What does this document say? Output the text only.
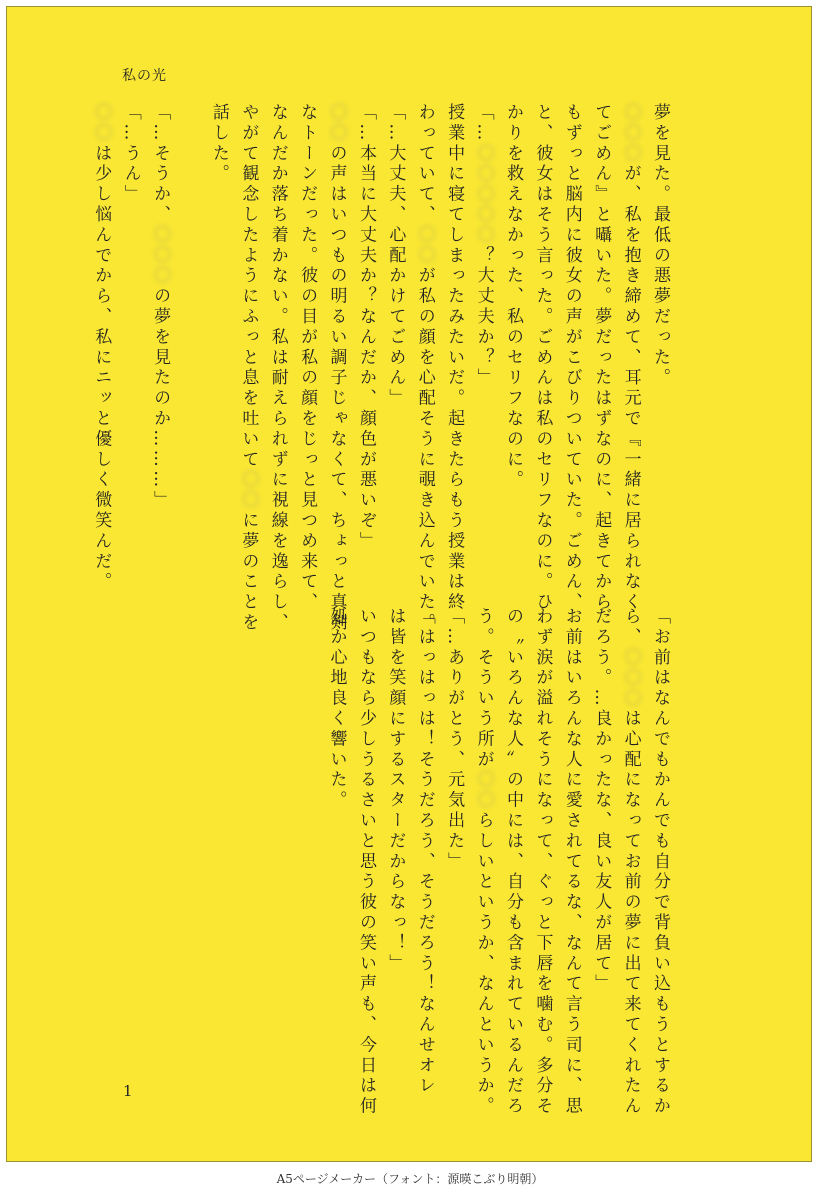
私の光
夢を見た。最低の悪夢だった。
〇〇〇が、私を抱き締めて、耳元で『一緒に居られなく
てごめん』と囁いた。夢だったはずなのに、起きてから
もずっと脳内に彼女の声がこびりついていた。ごめん、
と、彼女はそう言った。ごめんは私のセリフなのに。ひ
かりを救えなかった、私のセリフなのに。
「…〇〇〇〇〇？大丈夫か？」
授業中に寝てしまったみたいだ。起きたらもう授業は終
わっていて、〇〇が私の顔を心配そうに覗き込んでいた。
「…大丈夫、心配かけてごめん」
「…本当に大丈夫か？なんだか、顔色が悪いぞ」
〇〇の声はいつもの明るい調子じゃなくて、ちょっと真剣
なトーンだった。彼の目が私の顔をじっと見つめ来て、
なんだか落ち着かない。私は耐えられずに視線を逸らし、
やがて観念したようにふっと息を吐いて〇〇に夢のことを
話した。

「…そうか、〇〇〇の夢を見たのか………」
「…うん」
〇〇は少し悩んでから、私にニッと優しく微笑んだ。
「お前はなんでもかんでも自分で背負い込もうとするか
ら、〇〇〇は心配になってお前の夢に出て来てくれたん
だろう。…良かったな、良い友人が居て」
お前はいろんな人に愛されてるな、なんて言う司に、思
わず涙が溢れそうになって、ぐっと下唇を噛む。多分そ
の〝いろんな人〟の中には、自分も含まれているんだろ
う。そういう所が〇〇らしいというか、なんというか。
「…ありがとう、元気出た」
「はっはっは！そうだろう、そうだろう！なんせオレ
は皆を笑顔にするスターだからなっ！」
いつもなら少しうるさいと思う彼の笑い声も、今日は何
処か心地良く響いた。
1
A5ページメーカー（フォント：源暎こぶり明朝）
